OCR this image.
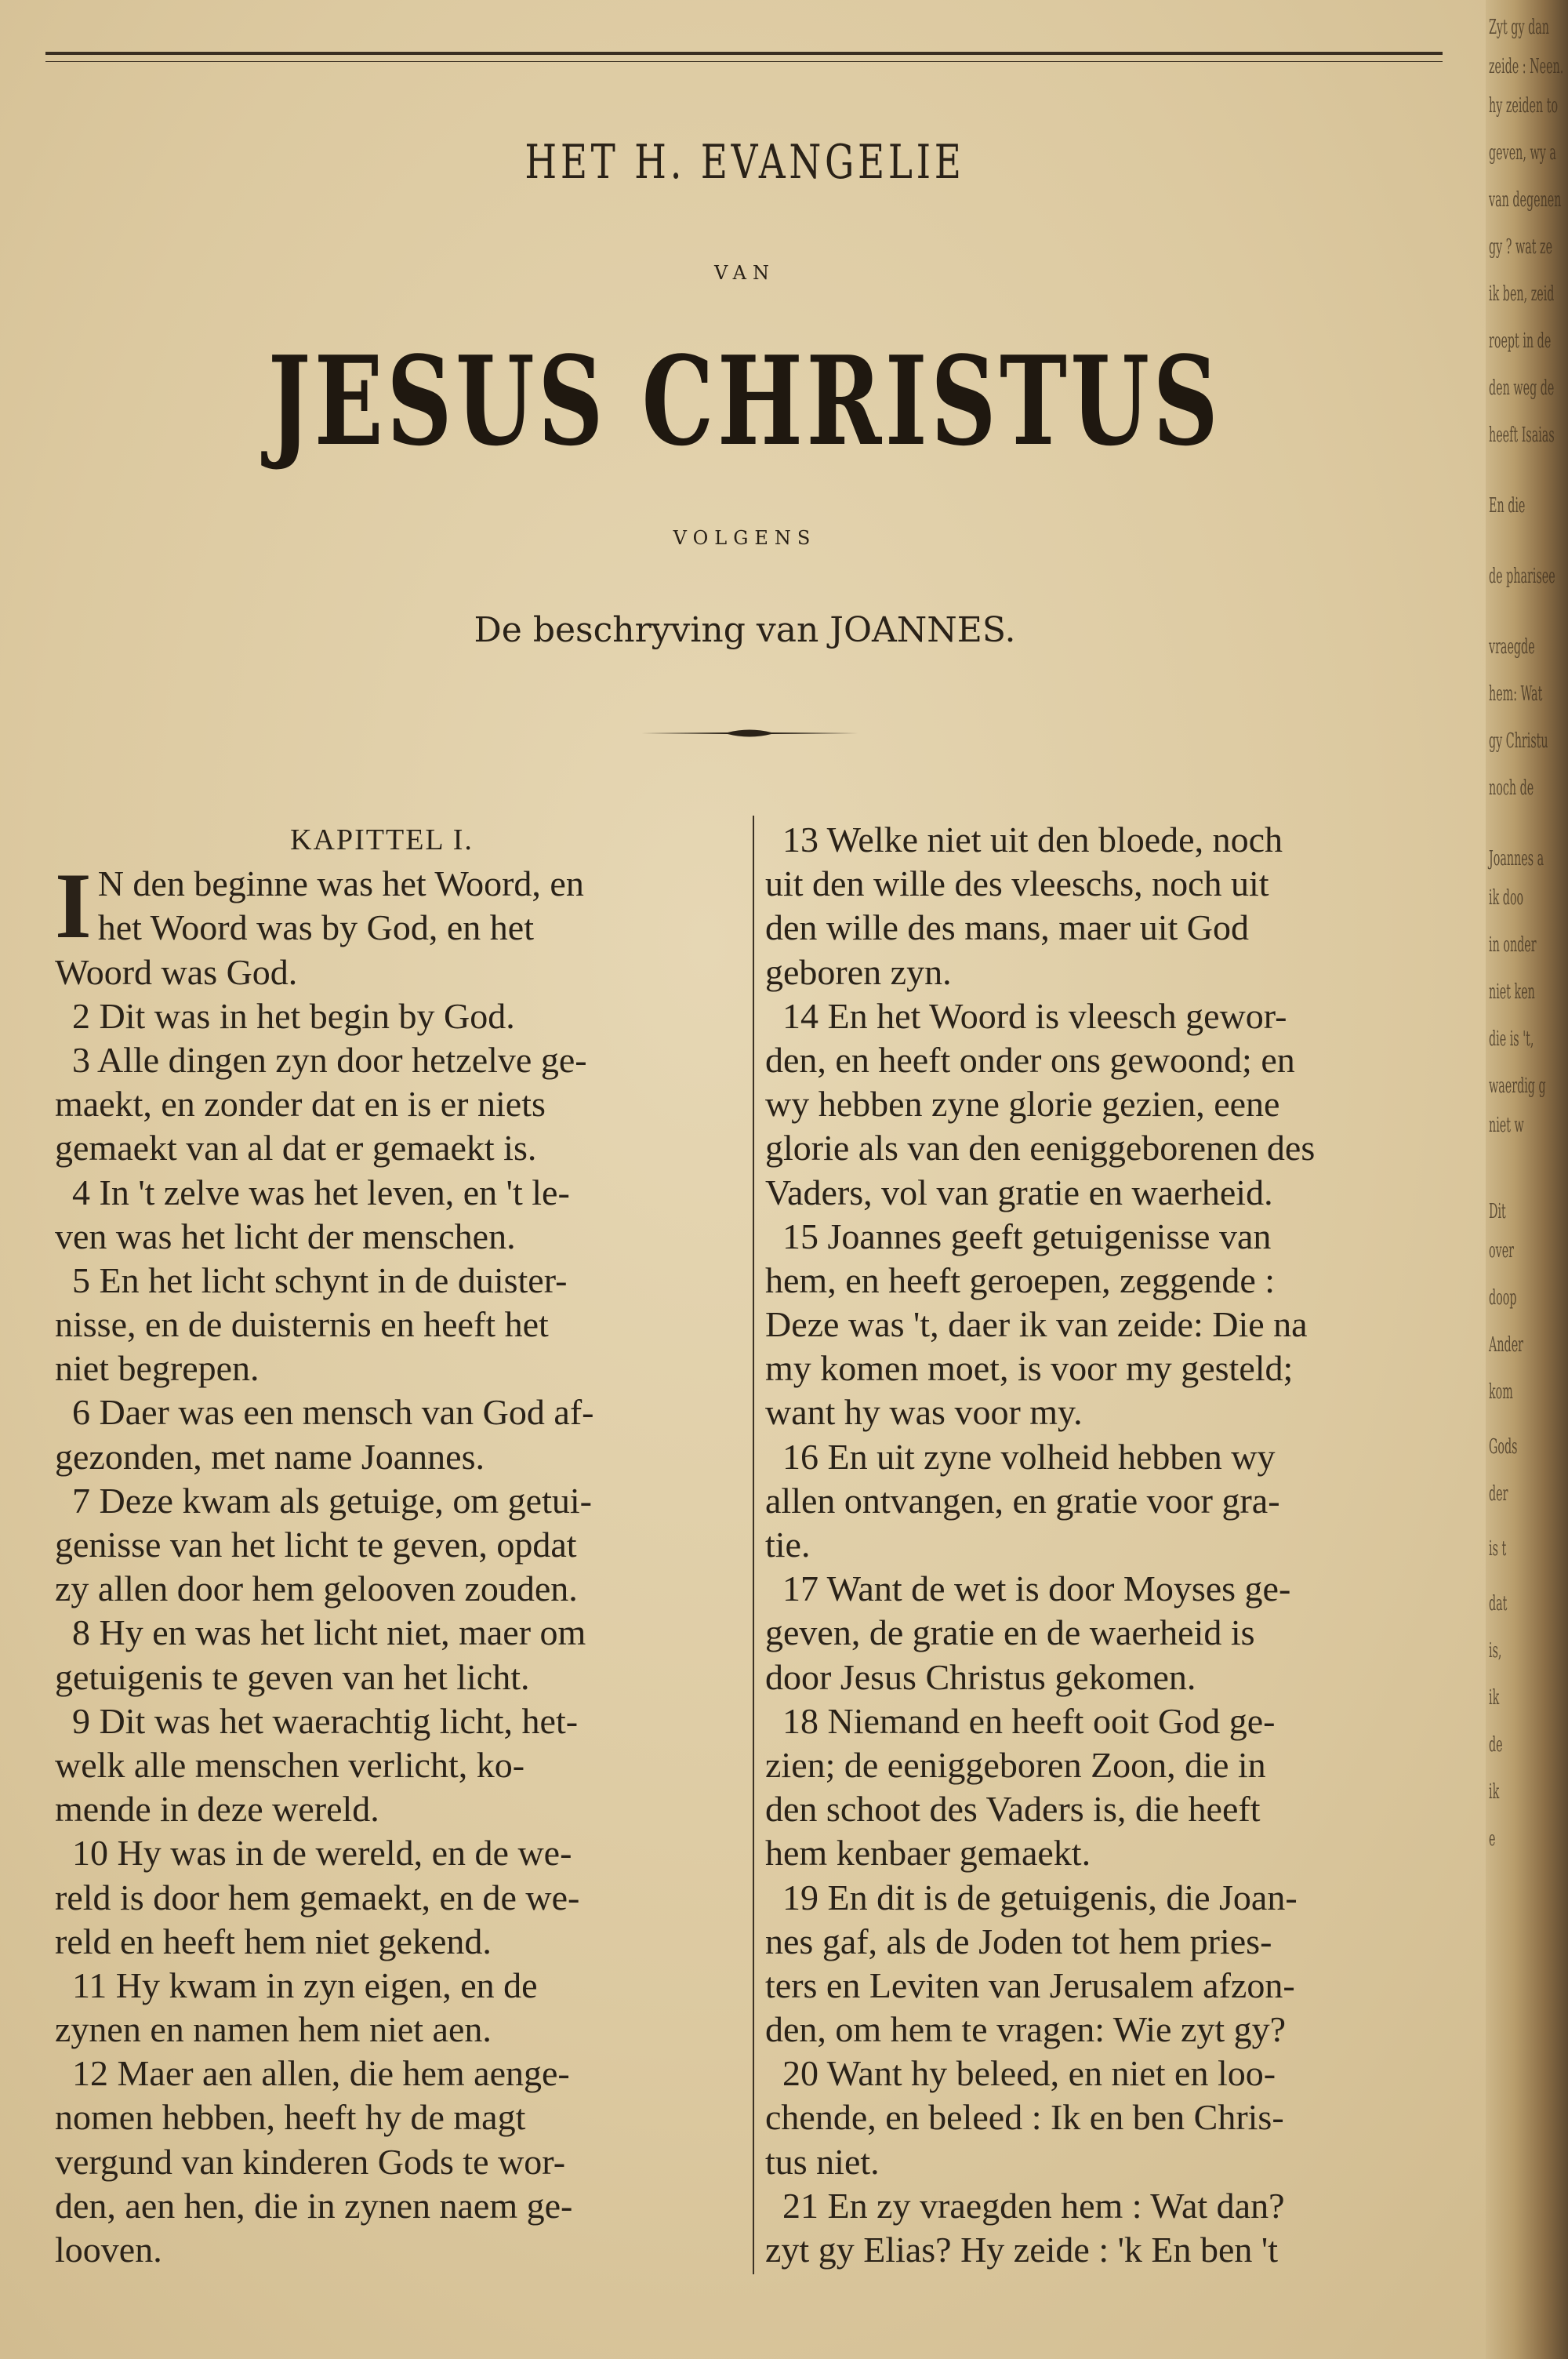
HET H. EVANGELIE
VAN
JESUS CHRISTUS
VOLGENS
De beschryving van JOANNES.
KAPITTEL I.
I N den beginne was het Woord, en
het Woord was by God, en het
Woord was God.
2 Dit was in het begin by God.
3 Alle dingen zyn door hetzelve ge-
maekt, en zonder dat en is er niets
gemaekt van al dat er gemaekt is.
4 In 't zelve was het leven, en 't le-
ven was het licht der menschen.
5 En het licht schynt in de duister-
nisse, en de duisternis en heeft het
niet begrepen.
6 Daer was een mensch van God af-
gezonden, met name Joannes.
7 Deze kwam als getuige, om getui-
genisse van het licht te geven, opdat
zy allen door hem gelooven zouden.
8 Hy en was het licht niet, maer om
getuigenis te geven van het licht.
9 Dit was het waerachtig licht, het-
welk alle menschen verlicht, ko-
mende in deze wereld.
10 Hy was in de wereld, en de we-
reld is door hem gemaekt, en de we-
reld en heeft hem niet gekend.
11 Hy kwam in zyn eigen, en de
zynen en namen hem niet aen.
12 Maer aen allen, die hem aenge-
nomen hebben, heeft hy de magt
vergund van kinderen Gods te wor-
den, aen hen, die in zynen naem ge-
looven.
13 Welke niet uit den bloede, noch
uit den wille des vleeschs, noch uit
den wille des mans, maer uit God
geboren zyn.
14 En het Woord is vleesch gewor-
den, en heeft onder ons gewoond; en
wy hebben zyne glorie gezien, eene
glorie als van den eeniggeborenen des
Vaders, vol van gratie en waerheid.
15 Joannes geeft getuigenisse van
hem, en heeft geroepen, zeggende :
Deze was 't, daer ik van zeide: Die na
my komen moet, is voor my gesteld;
want hy was voor my.
16 En uit zyne volheid hebben wy
allen ontvangen, en gratie voor gra-
tie.
17 Want de wet is door Moyses ge-
geven, de gratie en de waerheid is
door Jesus Christus gekomen.
18 Niemand en heeft ooit God ge-
zien; de eeniggeboren Zoon, die in
den schoot des Vaders is, die heeft
hem kenbaer gemaekt.
19 En dit is de getuigenis, die Joan-
nes gaf, als de Joden tot hem pries-
ters en Leviten van Jerusalem afzon-
den, om hem te vragen: Wie zyt gy?
20 Want hy beleed, en niet en loo-
chende, en beleed : Ik en ben Chris-
tus niet.
21 En zy vraegden hem : Wat dan?
zyt gy Elias? Hy zeide : 'k En ben 't
Zyt gy dan
zeide : Neen.
hy zeiden to
geven, wy a
van degenen
gy ? wat ze
ik ben, zeid
roept in de
den weg de
heeft Isaias
En die
de pharisee
vraegde
hem: Wat
gy Christu
noch de
Joannes a
ik doo
in onder
niet ken
die is 't,
waerdig g
niet w
Dit
over
doop
Ander
kom
Gods
der
is t
dat
is,
ik
de
ik
e
